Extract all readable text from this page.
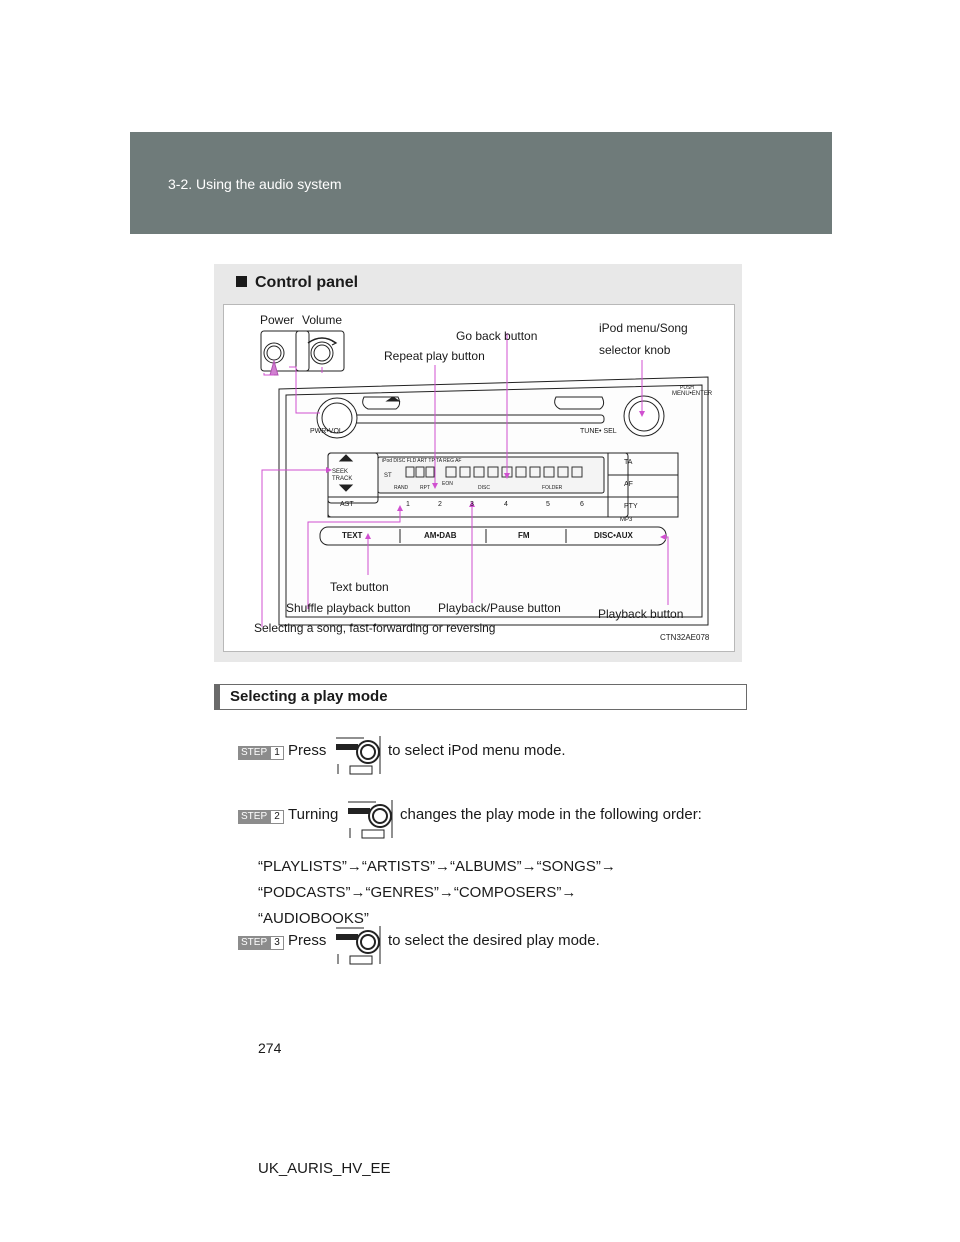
3-2. Using the audio system
Control panel
Power Volume
Go back button
iPod menu/Song
selector knob
Repeat play button
PWR•VOL	TUNE• SEL
PUSH
MENU•ENTER
SEEK
TRACK
AST
TA
AF
PTY
1	2	3	4	5	6
MP3
iPod DISC FLD ART TP TA REG AF
ST
RAND RPT	DISC	FOLDER
EON
TEXT	AM•DAB	FM	DISC•AUX
Text button
Shuffle playback button Playback/Pause button	Playback button
Selecting a song, fast-forwarding or reversing
CTN32AE078
Selecting a play mode
STEP 1 Press	to select iPod menu mode.
STEP 2 Turning	changes the play mode in the following order:
“PLAYLISTS”→“ARTISTS”→“ALBUMS”→“SONGS”→
“PODCASTS”→“GENRES”→“COMPOSERS”→
“AUDIOBOOKS”
STEP 3 Press	to select the desired play mode.
274
UK_AURIS_HV_EE
